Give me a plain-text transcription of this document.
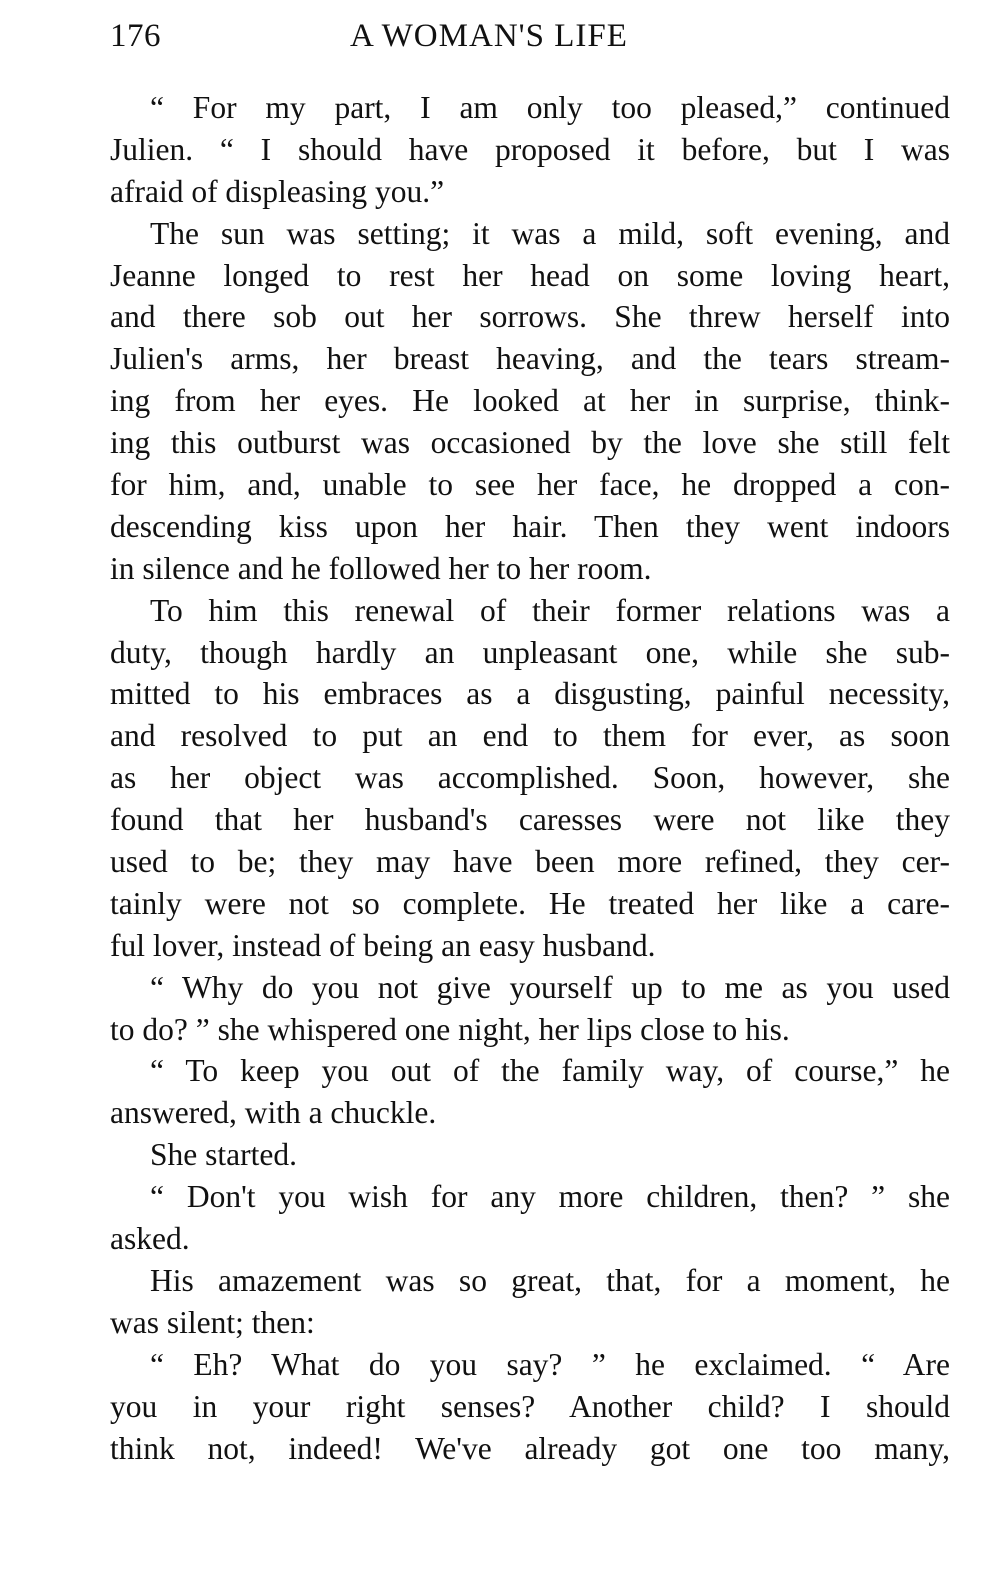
176	A WOMAN'S LIFE
“ For my part, I am only too pleased,” continued
Julien. “ I should have proposed it before, but I was
afraid of displeasing you.”
The sun was setting; it was a mild, soft evening, and
Jeanne longed to rest her head on some loving heart,
and there sob out her sorrows. She threw herself into
Julien's arms, her breast heaving, and the tears stream-
ing from her eyes. He looked at her in surprise, think-
ing this outburst was occasioned by the love she still felt
for him, and, unable to see her face, he dropped a con-
descending kiss upon her hair. Then they went indoors
in silence and he followed her to her room.
To him this renewal of their former relations was a
duty, though hardly an unpleasant one, while she sub-
mitted to his embraces as a disgusting, painful necessity,
and resolved to put an end to them for ever, as soon
as her object was accomplished. Soon, however, she
found that her husband's caresses were not like they
used to be; they may have been more refined, they cer-
tainly were not so complete. He treated her like a care-
ful lover, instead of being an easy husband.
“ Why do you not give yourself up to me as you used
to do? ” she whispered one night, her lips close to his.
“ To keep you out of the family way, of course,” he
answered, with a chuckle.
She started.
“ Don't you wish for any more children, then? ” she
asked.
His amazement was so great, that, for a moment, he
was silent; then:
“ Eh? What do you say? ” he exclaimed. “ Are
you in your right senses? Another child? I should
think not, indeed! We've already got one too many,
